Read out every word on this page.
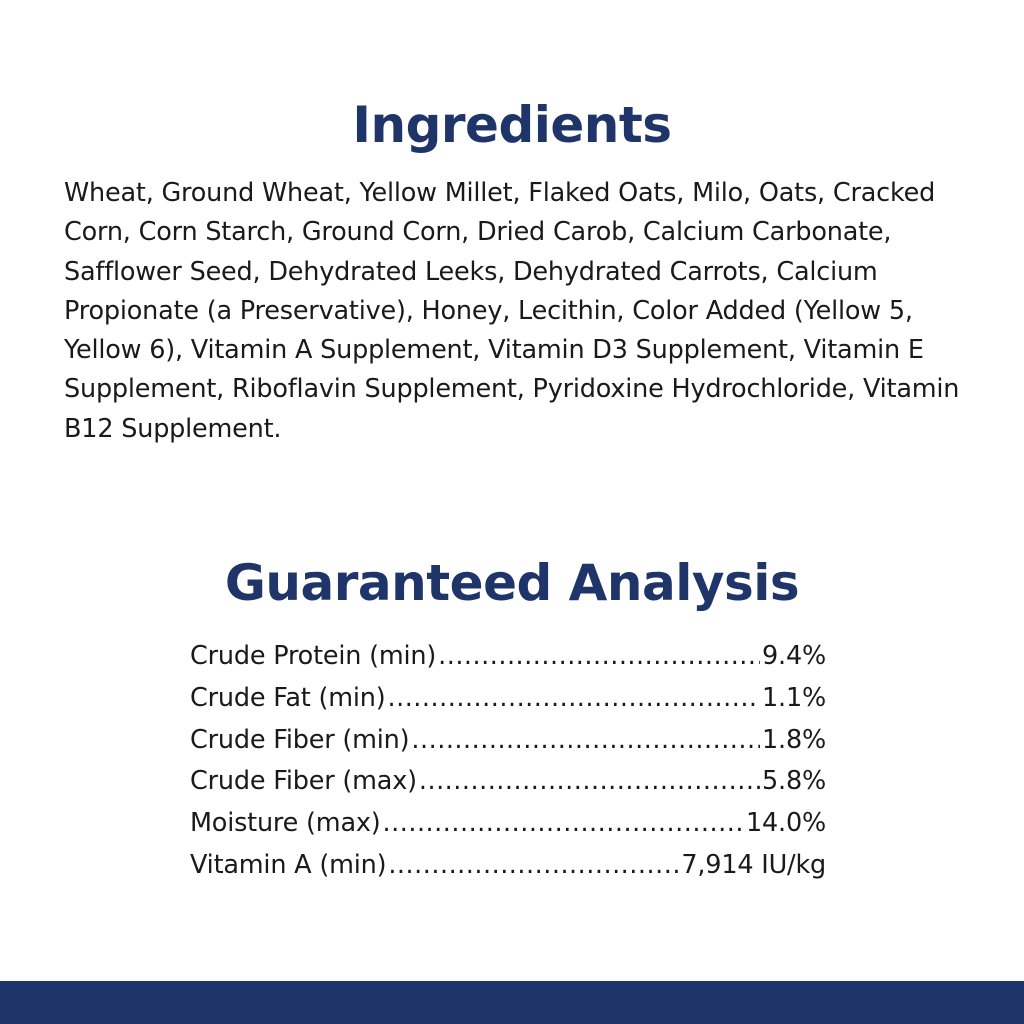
Ingredients

Wheat, Ground Wheat, Yellow Millet, Flaked Oats, Milo, Oats, Cracked Corn, Corn Starch, Ground Corn, Dried Carob, Calcium Carbonate, Safflower Seed, Dehydrated Leeks, Dehydrated Carrots, Calcium Propionate (a Preservative), Honey, Lecithin, Color Added (Yellow 5, Yellow 6), Vitamin A Supplement, Vitamin D3 Supplement, Vitamin E Supplement, Riboflavin Supplement, Pyridoxine Hydrochloride, Vitamin B12 Supplement.

Guaranteed Analysis
Crude Protein (min) .....	9.4%
Crude Fat (min) .....	1.1%
Crude Fiber (min) .....	1.8%
Crude Fiber (max) .....	5.8%
Moisture (max) .....	14.0%
Vitamin A (min) .....	7,914 IU/kg
